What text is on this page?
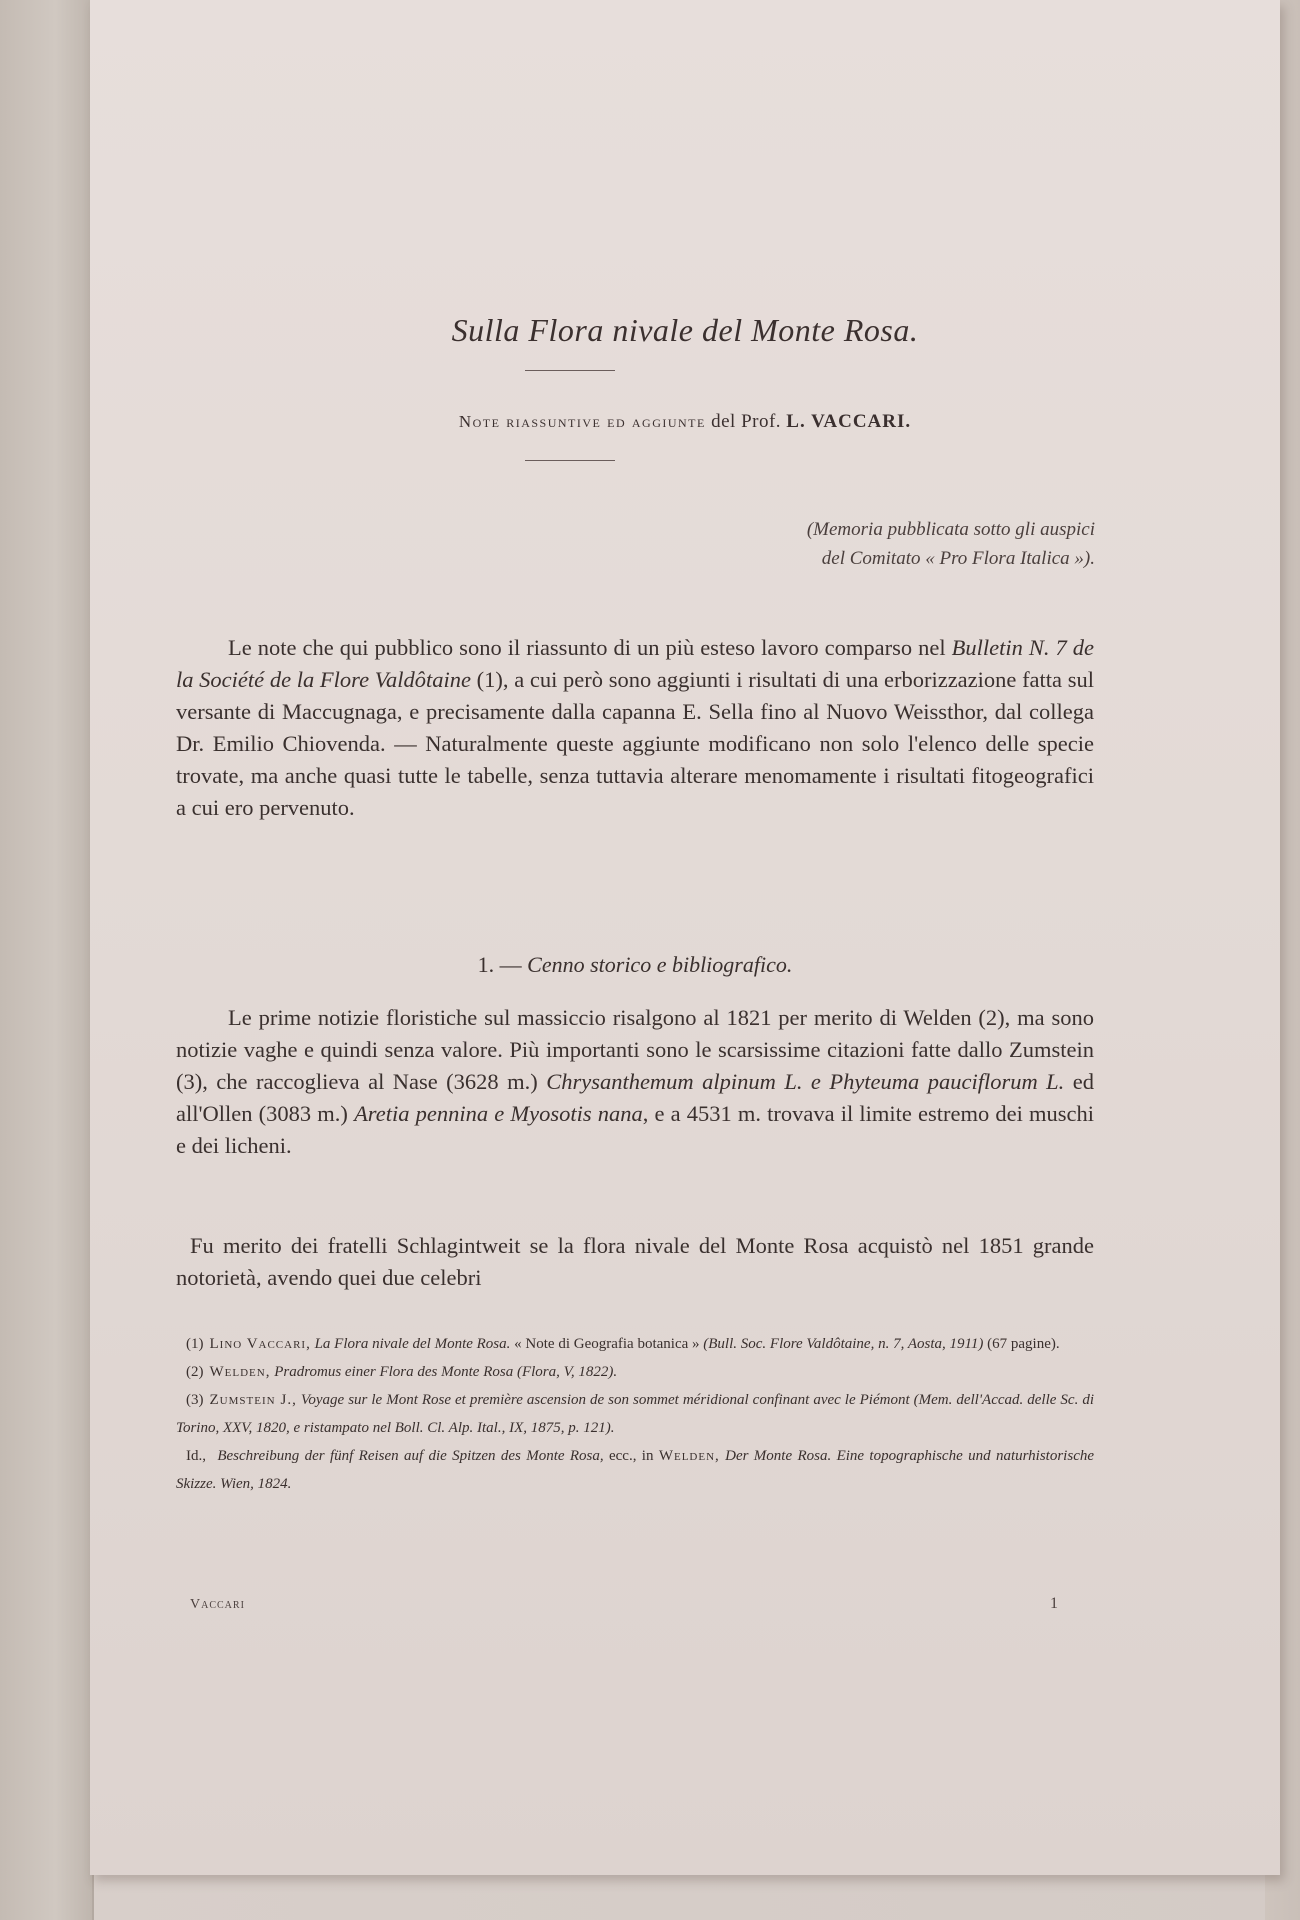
Sulla Flora nivale del Monte Rosa.
Note riassuntive ed aggiunte del Prof. L. VACCARI.
(Memoria pubblicata sotto gli auspici
del Comitato « Pro Flora Italica »).
Le note che qui pubblico sono il riassunto di un più esteso lavoro comparso nel Bulletin N. 7 de la Société de la Flore Valdôtaine (1), a cui però sono aggiunti i risultati di una erborizzazione fatta sul versante di Maccugnaga, e precisamente dalla capanna E. Sella fino al Nuovo Weissthor, dal collega Dr. Emilio Chiovenda. — Naturalmente queste aggiunte modificano non solo l'elenco delle specie trovate, ma anche quasi tutte le tabelle, senza tuttavia alterare menomamente i risultati fitogeografici a cui ero pervenuto.
1. — Cenno storico e bibliografico.
Le prime notizie floristiche sul massiccio risalgono al 1821 per merito di Welden (2), ma sono notizie vaghe e quindi senza valore. Più importanti sono le scarsissime citazioni fatte dallo Zumstein (3), che raccoglieva al Nase (3628 m.) Chrysanthemum alpinum L. e Phyteuma pauciflorum L. ed all'Ollen (3083 m.) Aretia pennina e Myosotis nana, e a 4531 m. trovava il limite estremo dei muschi e dei licheni.
Fu merito dei fratelli Schlagintweit se la flora nivale del Monte Rosa acquistò nel 1851 grande notorietà, avendo quei due celebri

(1) Lino Vaccari, La Flora nivale del Monte Rosa. « Note di Geografia botanica » (Bull. Soc. Flore Valdôtaine, n. 7, Aosta, 1911) (67 pagine).

(2) Welden, Pradromus einer Flora des Monte Rosa (Flora, V, 1822).

(3) Zumstein J., Voyage sur le Mont Rose et première ascension de son sommet méridional confinant avec le Piémont (Mem. dell'Accad. delle Sc. di Torino, XXV, 1820, e ristampato nel Boll. Cl. Alp. Ital., IX, 1875, p. 121).

Id., Beschreibung der fünf Reisen auf die Spitzen des Monte Rosa, ecc., in Welden, Der Monte Rosa. Eine topographische und naturhistorische Skizze. Wien, 1824.

Vaccari	1
